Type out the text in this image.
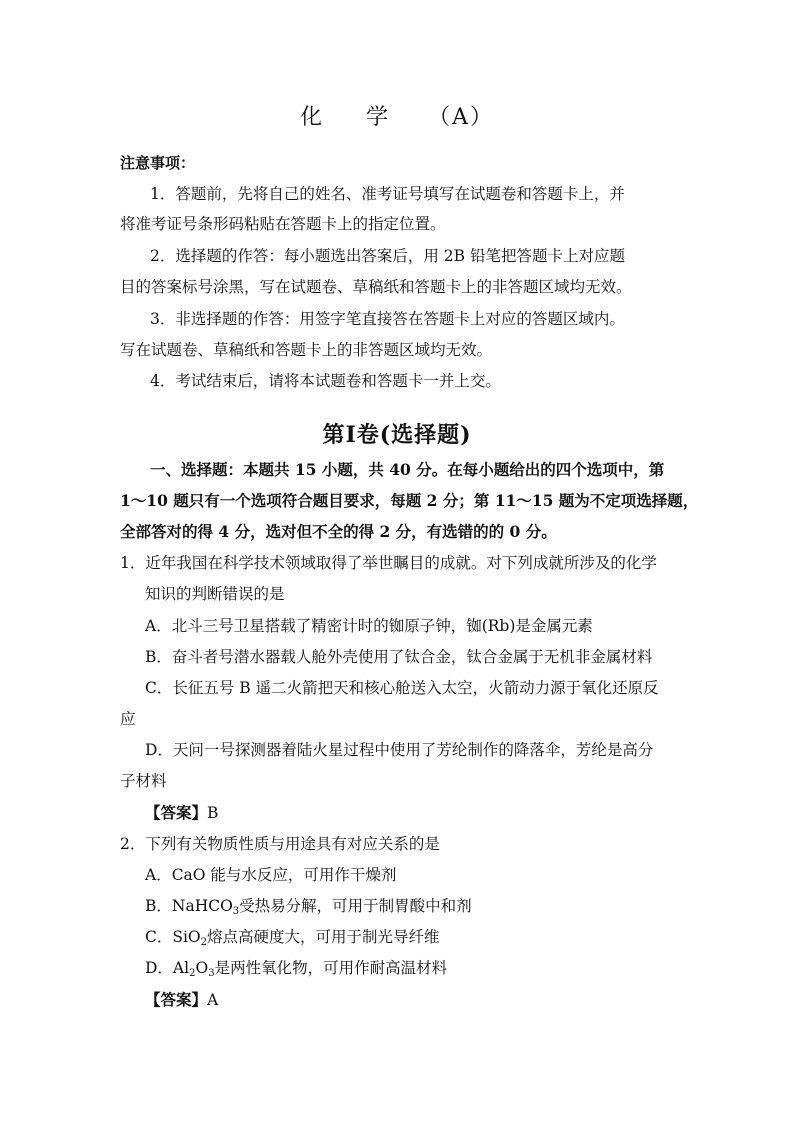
化 学 （A）
注意事项：
1．答题前，先将自己的姓名、准考证号填写在试题卷和答题卡上，并
将准考证号条形码粘贴在答题卡上的指定位置。
2．选择题的作答：每小题选出答案后，用 2B 铅笔把答题卡上对应题
目的答案标号涂黑，写在试题卷、草稿纸和答题卡上的非答题区域均无效。
3．非选择题的作答：用签字笔直接答在答题卡上对应的答题区域内。
写在试题卷、草稿纸和答题卡上的非答题区域均无效。
4．考试结束后，请将本试题卷和答题卡一并上交。
第Ⅰ卷(选择题)
一、选择题：本题共 15 小题，共 40 分。在每小题给出的四个选项中，第
1～10 题只有一个选项符合题目要求，每题 2 分；第 11～15 题为不定项选择题，
全部答对的得 4 分，选对但不全的得 2 分，有选错的的 0 分。
1．近年我国在科学技术领域取得了举世瞩目的成就。对下列成就所涉及的化学
知识的判断错误的是
A．北斗三号卫星搭载了精密计时的铷原子钟，铷(Rb)是金属元素
B．奋斗者号潜水器载人舱外壳使用了钛合金，钛合金属于无机非金属材料
C．长征五号 B 遥二火箭把天和核心舱送入太空，火箭动力源于氧化还原反
应
D．天问一号探测器着陆火星过程中使用了芳纶制作的降落伞，芳纶是高分
子材料
【答案】B
2．下列有关物质性质与用途具有对应关系的是
A．CaO 能与水反应，可用作干燥剂
B．NaHCO$_3$受热易分解，可用于制胃酸中和剂
C．SiO$_2$熔点高硬度大，可用于制光导纤维
D．$Al_2O_3$是两性氧化物，可用作耐高温材料
【答案】A
